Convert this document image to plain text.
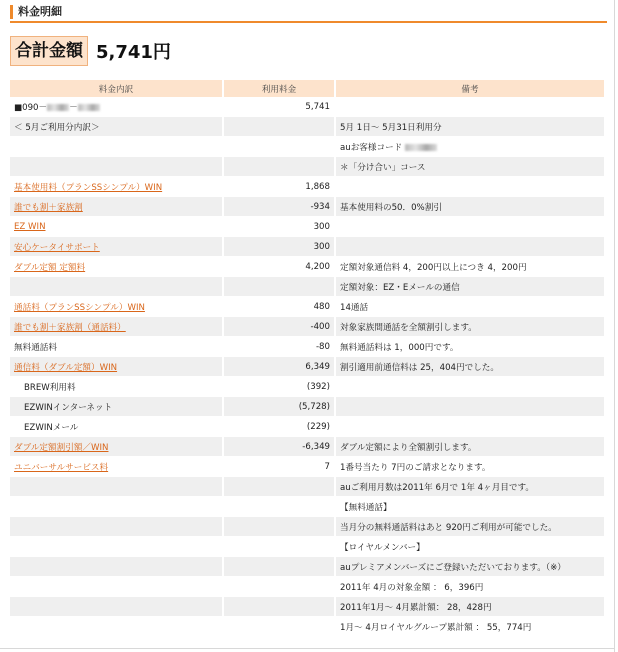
料金明細
合計金額 5,741円
料金内訳	利用料金	備考
■090－ －	5,741	
＜ 5月ご利用分内訳＞		5月 1日～ 5月31日利用分
		auお客様コード
		＊「分け合い」コース
基本使用料（プランSSシンプル）WIN	1,868	
誰でも割＋家族割	-934	基本使用料の50．0%割引
EZ WIN	300	
安心ケータイサポート	300	
ダブル定額 定額料	4,200	定額対象通信料 4，200円以上につき 4，200円
		定額対象：EZ・Eメールの通信
通話料（プランSSシンプル）WIN	480	14通話
誰でも割＋家族割（通話料）	-400	対象家族間通話を全額割引します。
無料通話料	-80	無料通話料は 1，000円です。
通信料（ダブル定額）WIN	6,349	割引適用前通信料は 25，404円でした。
BREW利用料	(392)	
EZWINインターネット	(5,728)	
EZWINメール	(229)	
ダブル定額割引額／WIN	-6,349	ダブル定額により全額割引します。
ユニバーサルサービス料	7	1番号当たり 7円のご請求となります。
		auご利用月数は2011年 6月で 1年 4ヶ月目です。
		【無料通話】
		当月分の無料通話料はあと 920円ご利用が可能でした。
		【ロイヤルメンバー】
		auプレミアメンバーズにご登録いただいております。（※）
		2011年 4月の対象金額 ： 6，396円
		2011年1月～ 4月累計額： 28，428円
		1月～ 4月ロイヤルグループ累計額 ： 55，774円
